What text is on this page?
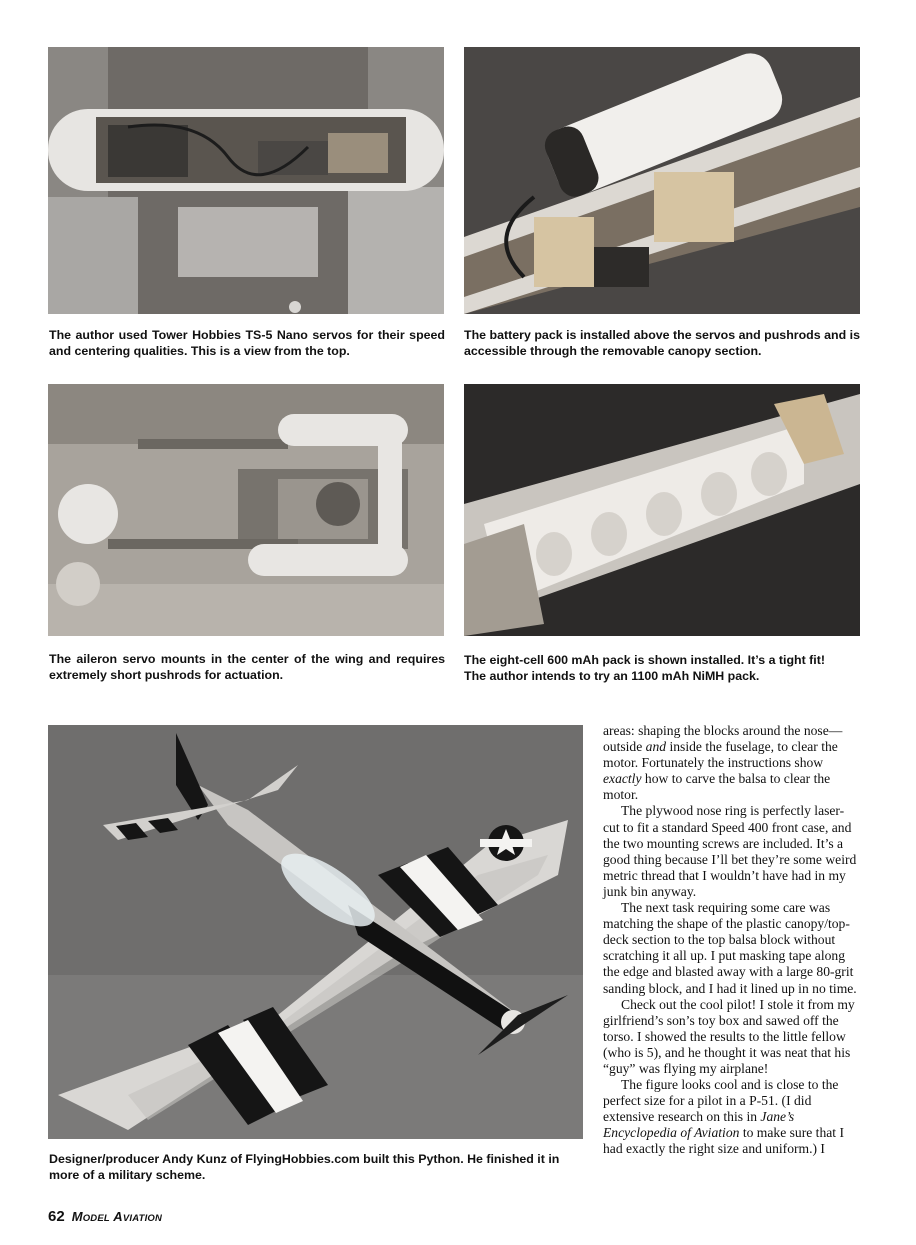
The author used Tower Hobbies TS-5 Nano servos for their speed and centering qualities. This is a view from the top.

The battery pack is installed above the servos and pushrods and is accessible through the removable canopy section.

The aileron servo mounts in the center of the wing and requires extremely short pushrods for actuation.

The eight-cell 600 mAh pack is shown installed. It’s a tight fit!
The author intends to try an 1100 mAh NiMH pack.

Designer/producer Andy Kunz of FlyingHobbies.com built this Python. He finished it in more of a military scheme.

areas: shaping the blocks around the nose—outside and inside the fuselage, to clear the motor. Fortunately the instructions show exactly how to carve the balsa to clear the motor.

The plywood nose ring is perfectly laser-cut to fit a standard Speed 400 front case, and the two mounting screws are included. It’s a good thing because I’ll bet they’re some weird metric thread that I wouldn’t have had in my junk bin anyway.

The next task requiring some care was matching the shape of the plastic canopy/top-deck section to the top balsa block without scratching it all up. I put masking tape along the edge and blasted away with a large 80-grit sanding block, and I had it lined up in no time.

Check out the cool pilot! I stole it from my girlfriend’s son’s toy box and sawed off the torso. I showed the results to the little fellow (who is 5), and he thought it was neat that his “guy” was flying my airplane!

The figure looks cool and is close to the perfect size for a pilot in a P-51. (I did extensive research on this in Jane’s Encyclopedia of Aviation to make sure that I had exactly the right size and uniform.) I

62 MODEL AVIATION
